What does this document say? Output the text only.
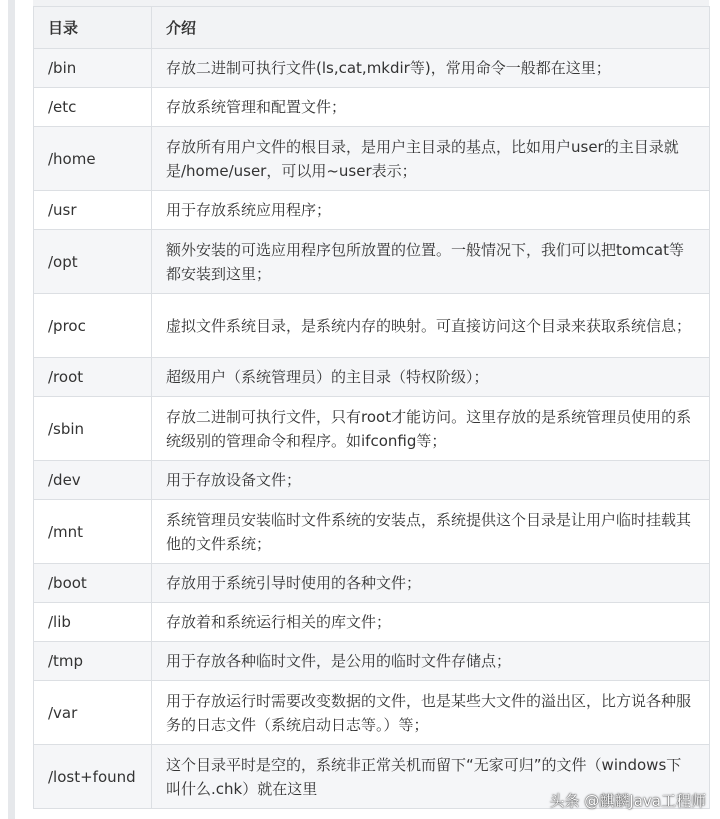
目录	介绍
/bin	存放二进制可执行文件(ls,cat,mkdir等)，常用命令一般都在这里；
/etc	存放系统管理和配置文件；
/home	存放所有用户文件的根目录，是用户主目录的基点，比如用户user的主目录就是/home/user，可以用~user表示；
/usr	用于存放系统应用程序；
/opt	额外安装的可选应用程序包所放置的位置。一般情况下，我们可以把tomcat等都安装到这里；
/proc	虚拟文件系统目录，是系统内存的映射。可直接访问这个目录来获取系统信息；
/root	超级用户（系统管理员）的主目录（特权阶级）；
/sbin	存放二进制可执行文件，只有root才能访问。这里存放的是系统管理员使用的系统级别的管理命令和程序。如ifconfig等；
/dev	用于存放设备文件；
/mnt	系统管理员安装临时文件系统的安装点，系统提供这个目录是让用户临时挂载其他的文件系统；
/boot	存放用于系统引导时使用的各种文件；
/lib	存放着和系统运行相关的库文件；
/tmp	用于存放各种临时文件，是公用的临时文件存储点；
/var	用于存放运行时需要改变数据的文件，也是某些大文件的溢出区，比方说各种服务的日志文件（系统启动日志等。）等；
/lost+found	这个目录平时是空的，系统非正常关机而留下“无家可归”的文件（windows下叫什么.chk）就在这里
头条 @麒麟Java工程师
